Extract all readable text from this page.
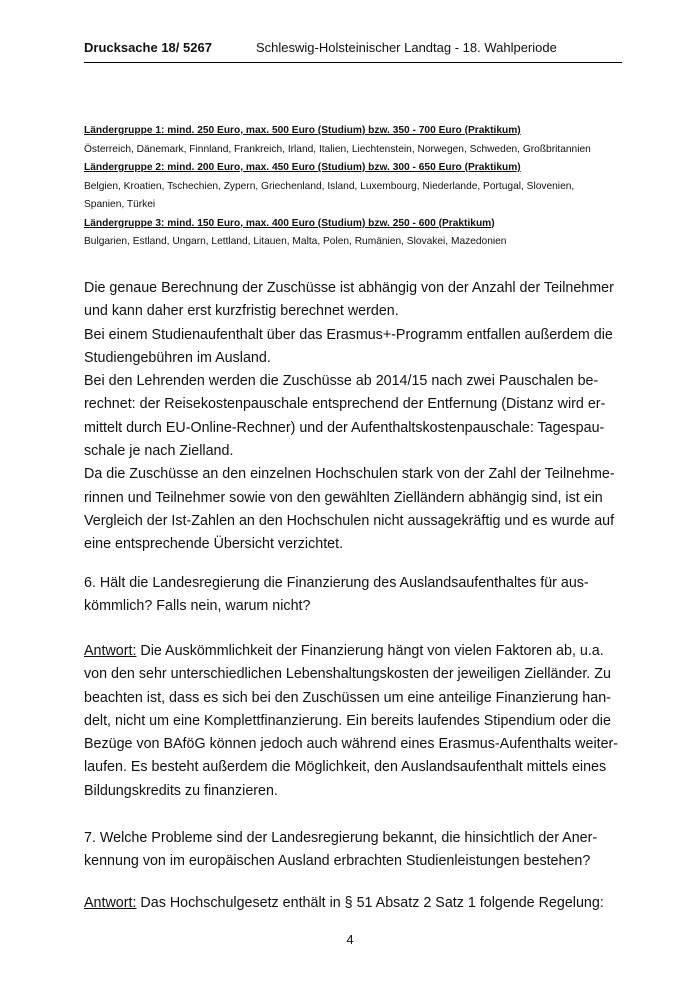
Drucksache 18/ 5267	Schleswig-Holsteinischer Landtag - 18. Wahlperiode

Ländergruppe 1: mind. 250 Euro, max. 500 Euro (Studium) bzw. 350 - 700 Euro (Praktikum)

Österreich, Dänemark, Finnland, Frankreich, Irland, Italien, Liechtenstein, Norwegen, Schweden, Großbritannien

Ländergruppe 2: mind. 200 Euro, max. 450 Euro (Studium) bzw. 300 - 650 Euro (Praktikum)

Belgien, Kroatien, Tschechien, Zypern, Griechenland, Island, Luxembourg, Niederlande, Portugal, Slovenien,

Spanien, Türkei

Ländergruppe 3: mind. 150 Euro, max. 400 Euro (Studium) bzw. 250 - 600 (Praktikum)

Bulgarien, Estland, Ungarn, Lettland, Litauen, Malta, Polen, Rumänien, Slovakei, Mazedonien

Die genaue Berechnung der Zuschüsse ist abhängig von der Anzahl der Teilnehmer
und kann daher erst kurzfristig berechnet werden.
Bei einem Studienaufenthalt über das Erasmus+-Programm entfallen außerdem die
Studiengebühren im Ausland.
Bei den Lehrenden werden die Zuschüsse ab 2014/15 nach zwei Pauschalen be-
rechnet: der Reisekostenpauschale entsprechend der Entfernung (Distanz wird er-
mittelt durch EU-Online-Rechner) und der Aufenthaltskostenpauschale: Tagespau-
schale je nach Zielland.
Da die Zuschüsse an den einzelnen Hochschulen stark von der Zahl der Teilnehme-
rinnen und Teilnehmer sowie von den gewählten Zielländern abhängig sind, ist ein
Vergleich der Ist-Zahlen an den Hochschulen nicht aussagekräftig und es wurde auf
eine entsprechende Übersicht verzichtet.
6. Hält die Landesregierung die Finanzierung des Auslandsaufenthaltes für aus-
kömmlich? Falls nein, warum nicht?
Antwort: Die Auskömmlichkeit der Finanzierung hängt von vielen Faktoren ab, u.a.
von den sehr unterschiedlichen Lebenshaltungskosten der jeweiligen Zielländer. Zu
beachten ist, dass es sich bei den Zuschüssen um eine anteilige Finanzierung han-
delt, nicht um eine Komplettfinanzierung. Ein bereits laufendes Stipendium oder die
Bezüge von BAföG können jedoch auch während eines Erasmus-Aufenthalts weiter-
laufen. Es besteht außerdem die Möglichkeit, den Auslandsaufenthalt mittels eines
Bildungskredits zu finanzieren.
7. Welche Probleme sind der Landesregierung bekannt, die hinsichtlich der Aner-
kennung von im europäischen Ausland erbrachten Studienleistungen bestehen?
Antwort: Das Hochschulgesetz enthält in § 51 Absatz 2 Satz 1 folgende Regelung:
4
